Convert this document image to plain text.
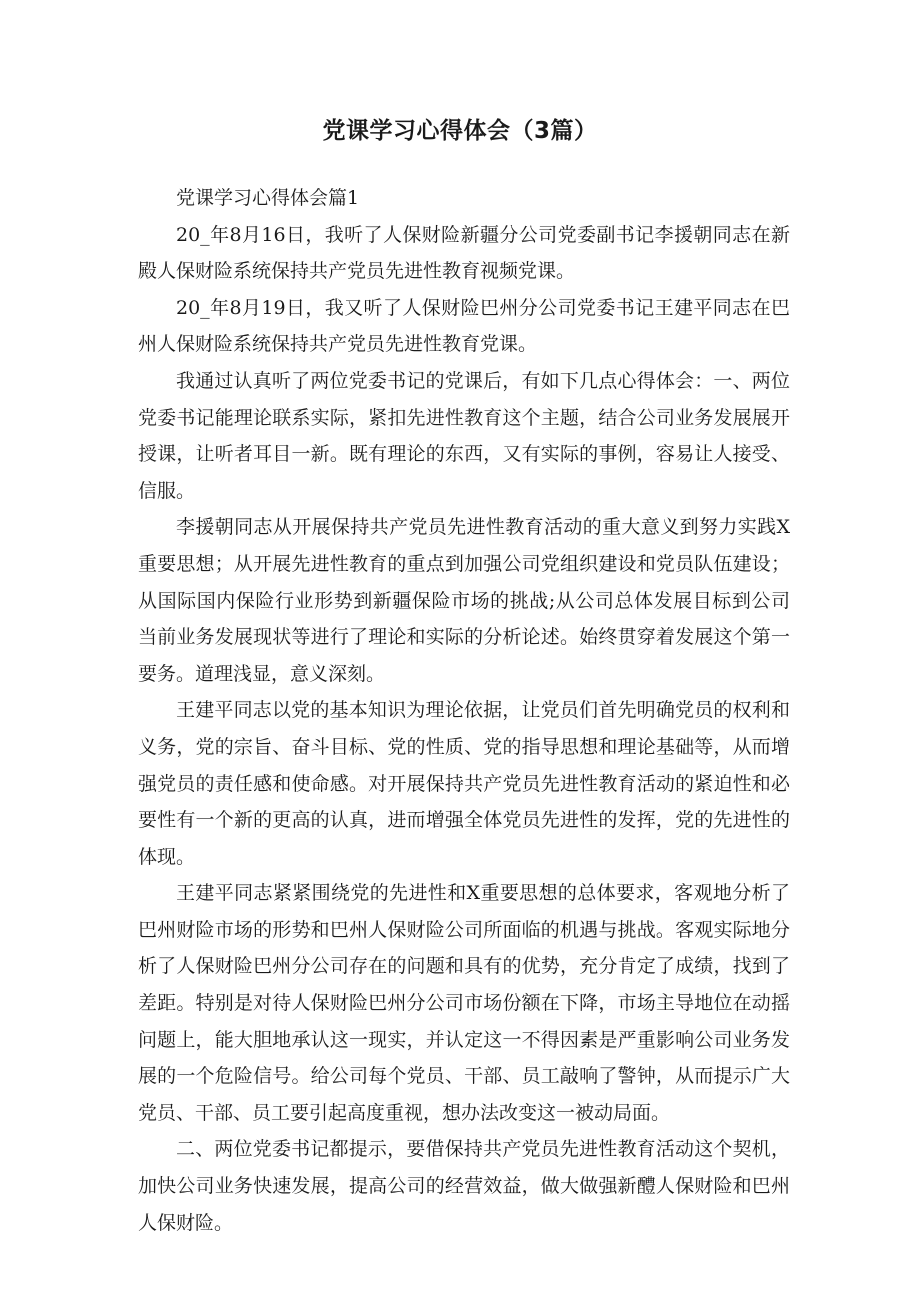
党课学习心得体会（3篇）

党课学习心得体会篇1

20_年8月16日，我听了人保财险新疆分公司党委副书记李援朝同志在新殿人保财险系统保持共产党员先进性教育视频党课。

20_年8月19日，我又听了人保财险巴州分公司党委书记王建平同志在巴州人保财险系统保持共产党员先进性教育党课。

我通过认真听了两位党委书记的党课后，有如下几点心得体会：一、两位党委书记能理论联系实际，紧扣先进性教育这个主题，结合公司业务发展展开授课，让听者耳目一新。既有理论的东西，又有实际的事例，容易让人接受、信服。

李援朝同志从开展保持共产党员先进性教育活动的重大意义到努力实践X重要思想；从开展先进性教育的重点到加强公司党组织建设和党员队伍建设；从国际国内保险行业形势到新疆保险市场的挑战;从公司总体发展目标到公司当前业务发展现状等进行了理论和实际的分析论述。始终贯穿着发展这个第一要务。道理浅显，意义深刻。

王建平同志以党的基本知识为理论依据，让党员们首先明确党员的权利和义务，党的宗旨、奋斗目标、党的性质、党的指导思想和理论基础等，从而增强党员的责任感和使命感。对开展保持共产党员先进性教育活动的紧迫性和必要性有一个新的更高的认真，进而增强全体党员先进性的发挥，党的先进性的体现。

王建平同志紧紧围绕党的先进性和X重要思想的总体要求，客观地分析了巴州财险市场的形势和巴州人保财险公司所面临的机遇与挑战。客观实际地分析了人保财险巴州分公司存在的问题和具有的优势，充分肯定了成绩，找到了差距。特别是对待人保财险巴州分公司市场份额在下降，市场主导地位在动摇问题上，能大胆地承认这一现实，并认定这一不得因素是严重影响公司业务发展的一个危险信号。给公司每个党员、干部、员工敲响了警钟，从而提示广大党员、干部、员工要引起高度重视，想办法改变这一被动局面。

二、两位党委书记都提示，要借保持共产党员先进性教育活动这个契机，加快公司业务快速发展，提高公司的经营效益，做大做强新醴人保财险和巴州人保财险。
